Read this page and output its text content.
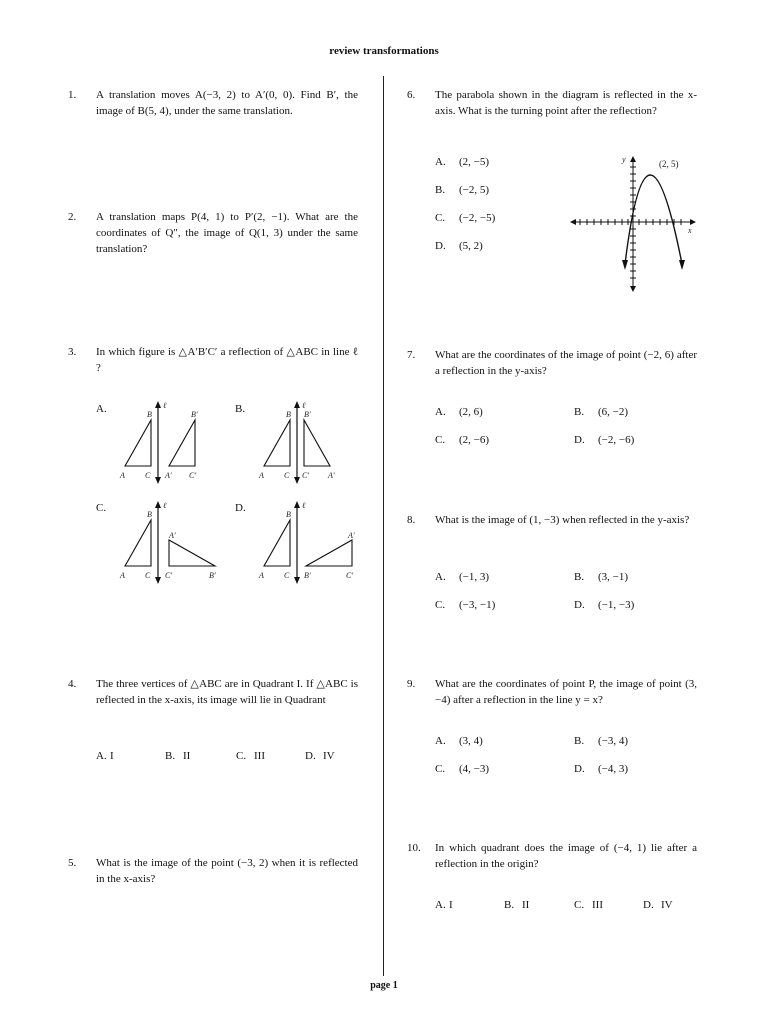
review transformations
1. A translation moves A(−3, 2) to A′(0, 0). Find B′, the image of B(5, 4), under the same translation.
2. A translation maps P(4, 1) to P′(2, −1). What are the coordinates of Q″, the image of Q(1, 3) under the same translation?
3. In which figure is △A′B′C′ a reflection of △ABC in line ℓ ?
A.	B.
C.	D.
ℓ
B
A	C
B′
A′ C′
ℓ
B
A	C
B′
C′ A′
ℓ
B
A	C
A′
C′	B′
ℓ
B
A	C
A′
B′	C′
4. The three vertices of △ABC are in Quadrant I. If △ABC is reflected in the x-axis, its image will lie in Quadrant
A. I	B. II	C. III	D. IV
5. What is the image of the point (−3, 2) when it is reflected in the x-axis?
6. The parabola shown in the diagram is reflected in the x-axis. What is the turning point after the reflection?
A. (2, −5)
B. (−2, 5)
C. (−2, −5)
D. (5, 2)
y
x
(2, 5)
7. What are the coordinates of the image of point (−2, 6) after a reflection in the y-axis?
A. (2, 6)	B. (6, −2)
C. (2, −6)	D. (−2, −6)
8. What is the image of (1, −3) when reflected in the y-axis?
A. (−1, 3)	B. (3, −1)
C. (−3, −1)	D. (−1, −3)
9. What are the coordinates of point P, the image of point (3, −4) after a reflection in the line y = x?
A. (3, 4)	B. (−3, 4)
C. (4, −3)	D. (−4, 3)
10. In which quadrant does the image of (−4, 1) lie after a reflection in the origin?
A. I	B. II	C. III	D. IV
page 1
